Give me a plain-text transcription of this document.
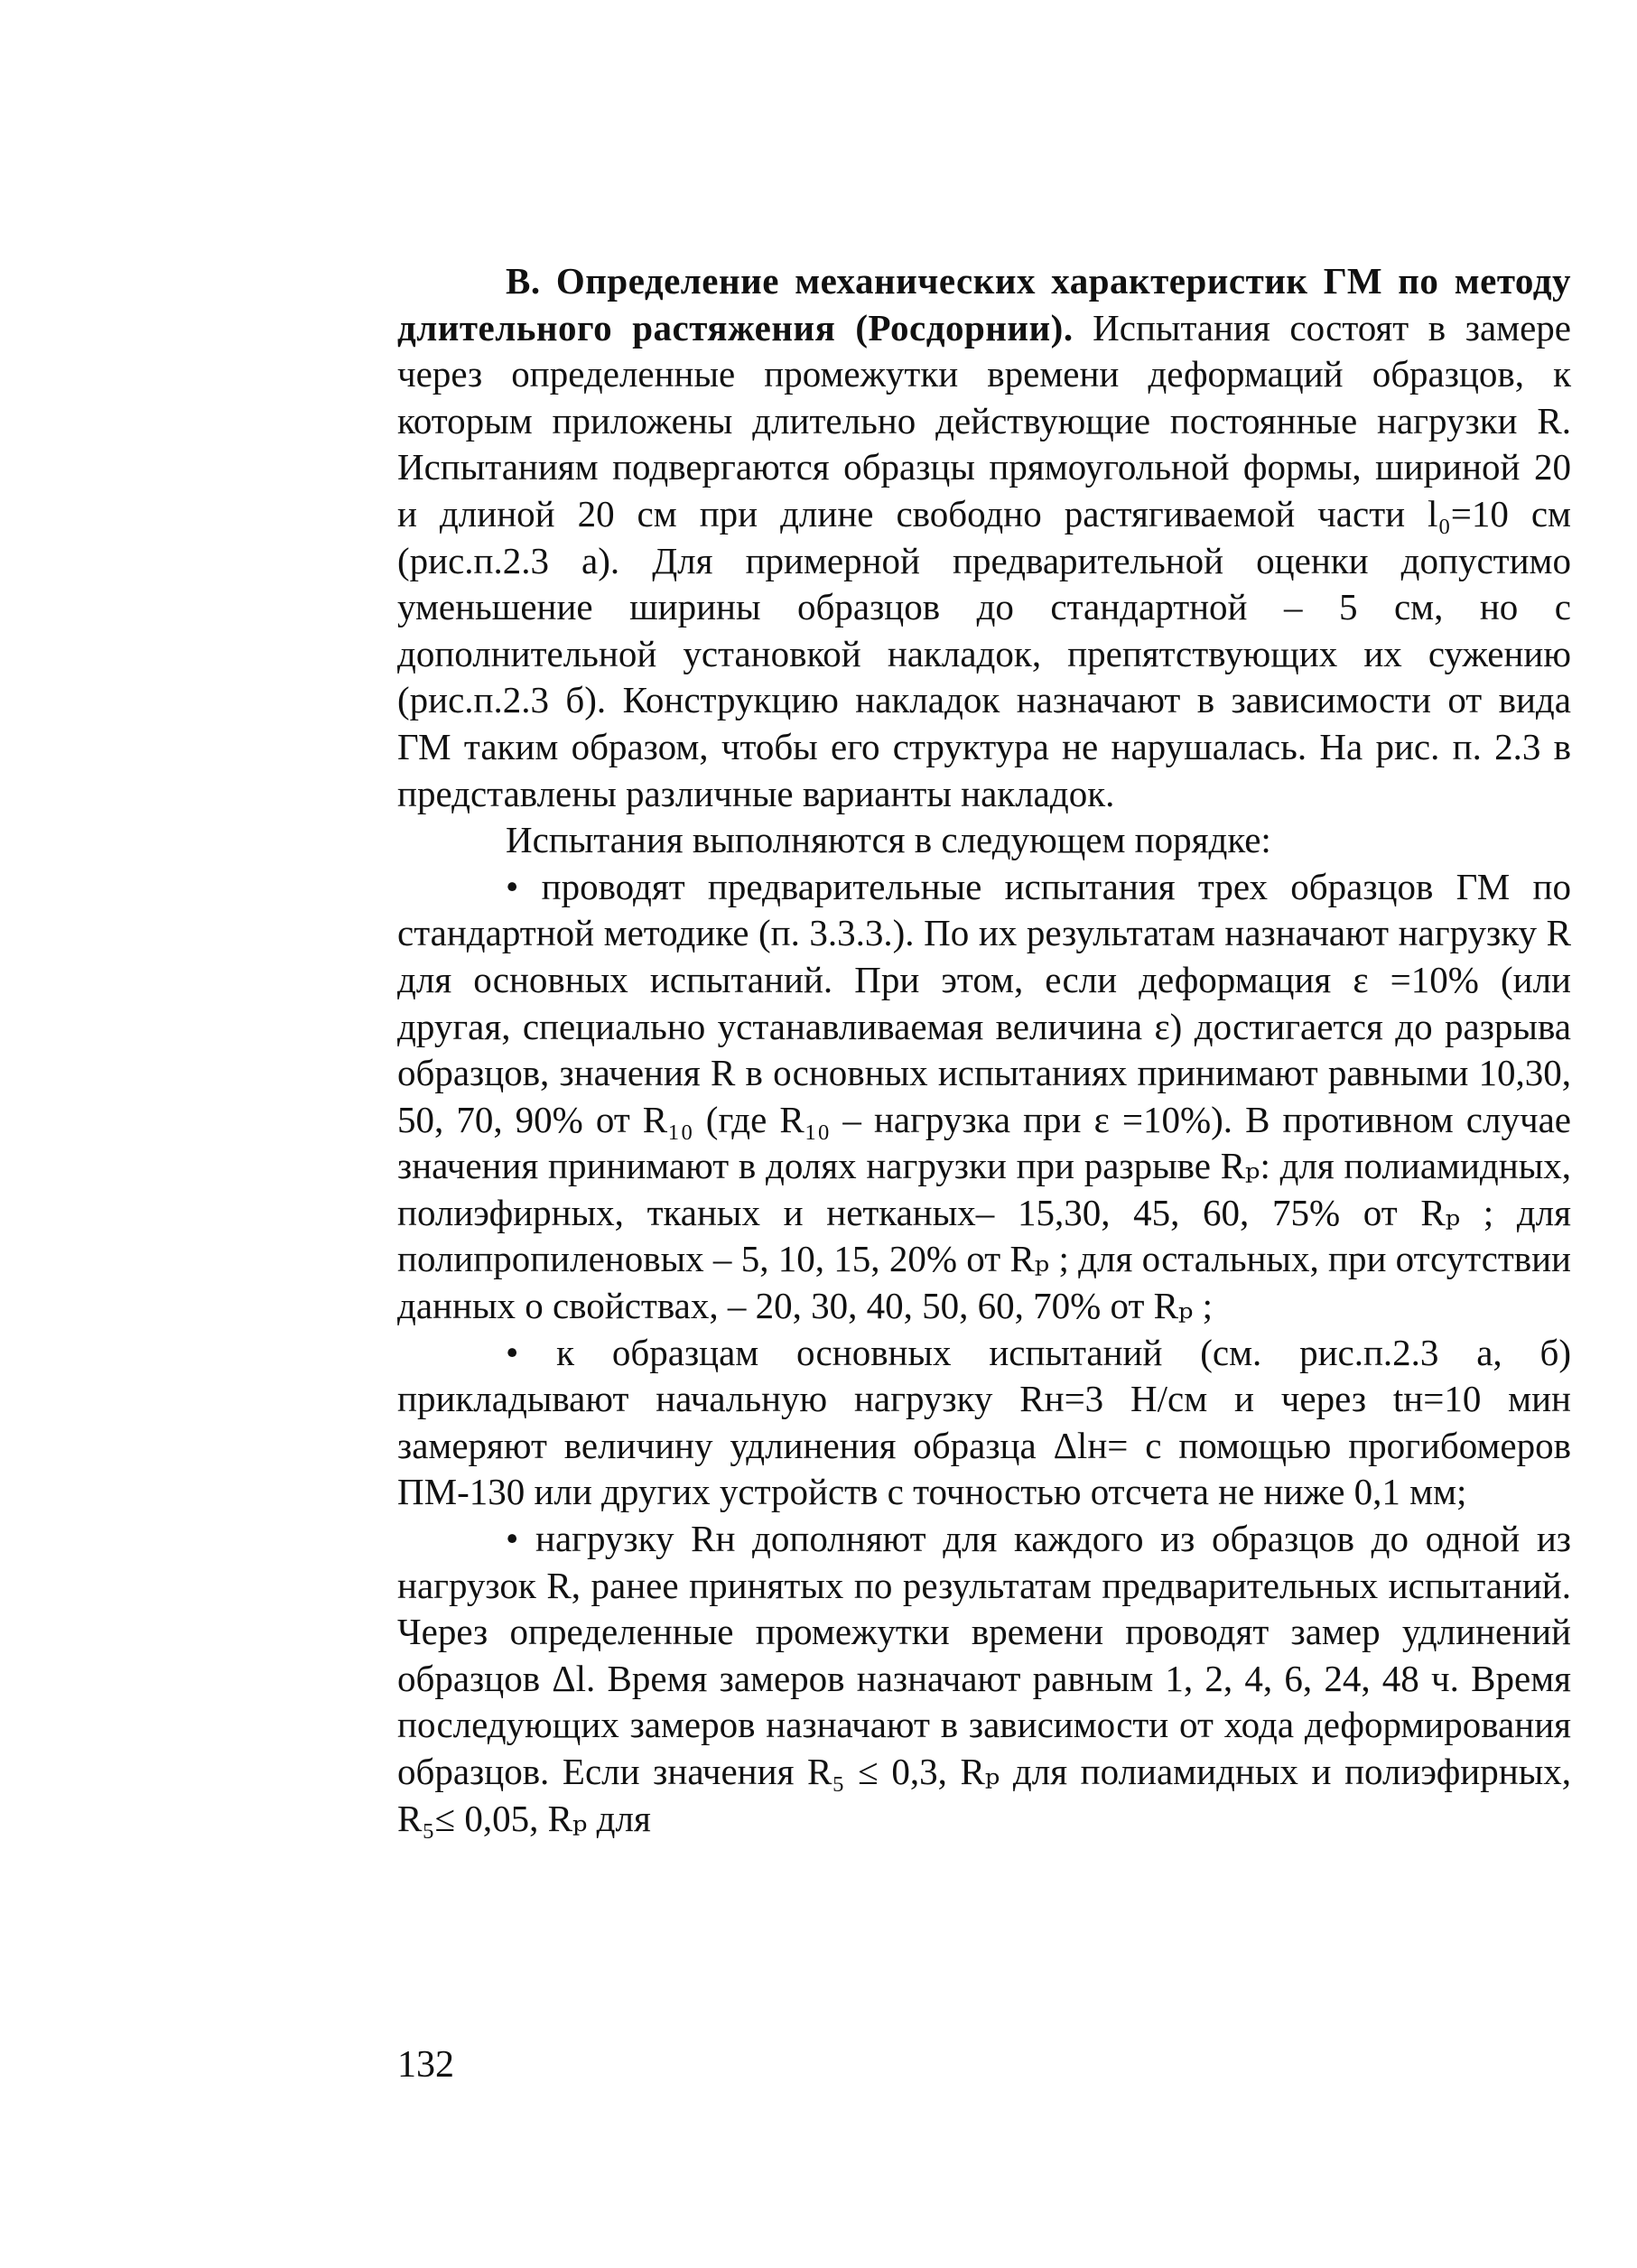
В. Определение механических характеристик ГМ по методу длительного растяжения (Росдорнии). Испытания состоят в замере через определенные промежутки времени деформаций образцов, к которым приложены длительно действующие постоянные нагрузки R. Испытаниям подвергаются образцы прямоугольной формы, шириной 20 и длиной 20 см при длине свободно растягиваемой части l₀=10 см (рис.п.2.3 а). Для примерной предварительной оценки допустимо уменьшение ширины образцов до стандартной – 5 см, но с дополнительной установкой накладок, препятствующих их сужению (рис.п.2.3 б). Конструкцию накладок назначают в зависимости от вида ГМ таким образом, чтобы его структура не нарушалась. На рис. п. 2.3 в представлены различные варианты накладок.

Испытания выполняются в следующем порядке:

• проводят предварительные испытания трех образцов ГМ по стандартной методике (п. 3.3.3.). По их результатам назначают нагрузку R для основных испытаний. При этом, если деформация ε =10% (или другая, специально устанавливаемая величина ε) достигается до разрыва образцов, значения R в основных испытаниях принимают равными 10,30, 50, 70, 90% от R₁₀ (где R₁₀ – нагрузка при ε =10%). В противном случае значения принимают в долях нагрузки при разрыве Rₚ: для полиамидных, полиэфирных, тканых и нетканых– 15,30, 45, 60, 75% от Rₚ ; для полипропиленовых – 5, 10, 15, 20% от Rₚ ; для остальных, при отсутствии данных о свойствах, – 20, 30, 40, 50, 60, 70% от Rₚ ;

• к образцам основных испытаний (см. рис.п.2.3 а, б) прикладывают начальную нагрузку Rн=3 Н/см и через tн=10 мин замеряют величину удлинения образца Δlн= с помощью прогибомеров ПМ-130 или других устройств с точностью отсчета не ниже 0,1 мм;

• нагрузку Rн дополняют для каждого из образцов до одной из нагрузок R, ранее принятых по результатам предварительных испытаний. Через определенные промежутки времени проводят замер удлинений образцов Δl. Время замеров назначают равным 1, 2, 4, 6, 24, 48 ч. Время последующих замеров назначают в зависимости от хода деформирования образцов. Если значения R₅ ≤ 0,3, Rₚ для полиамидных и полиэфирных, R₅≤ 0,05, Rₚ для

132
